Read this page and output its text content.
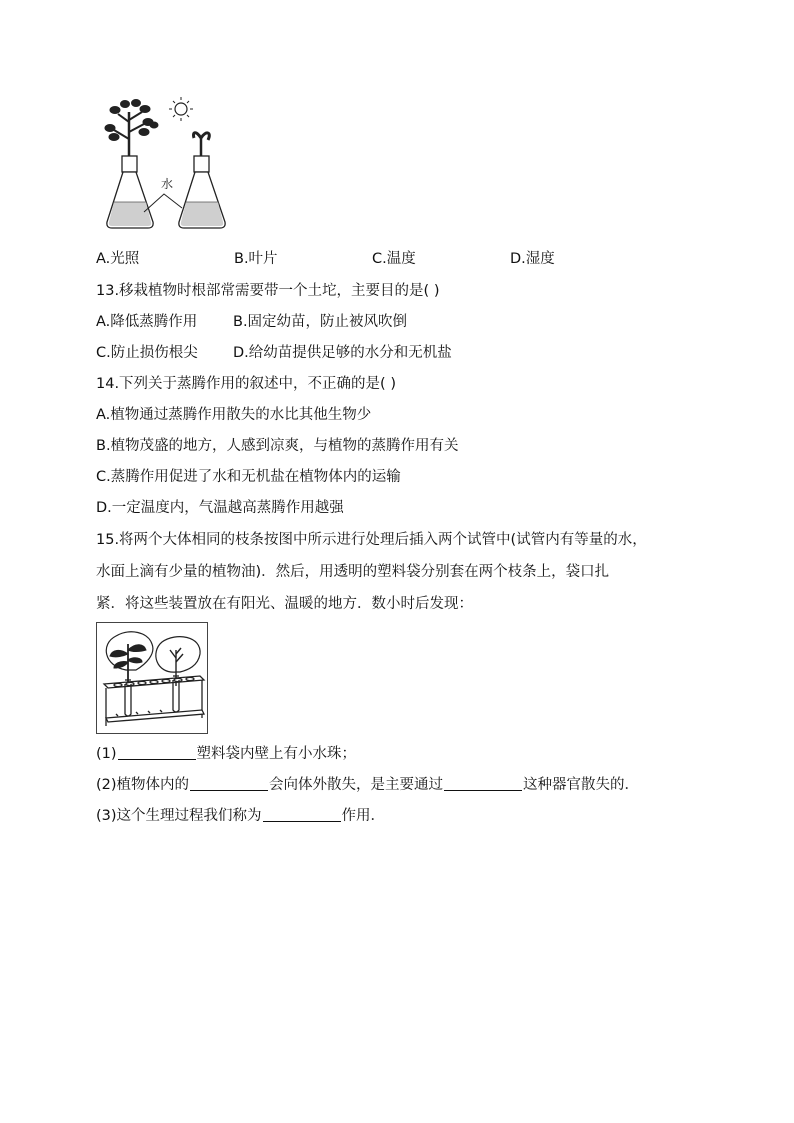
水
A.光照	B.叶片	C.温度	D.湿度
13.移栽植物时根部常需要带一个土坨，主要目的是( )
A.降低蒸腾作用 B.固定幼苗，防止被风吹倒
C.防止损伤根尖 D.给幼苗提供足够的水分和无机盐
14.下列关于蒸腾作用的叙述中，不正确的是( )
A.植物通过蒸腾作用散失的水比其他生物少
B.植物茂盛的地方，人感到凉爽，与植物的蒸腾作用有关
C.蒸腾作用促进了水和无机盐在植物体内的运输
D.一定温度内，气温越高蒸腾作用越强
15.将两个大体相同的枝条按图中所示进行处理后插入两个试管中(试管内有等量的水，
水面上滴有少量的植物油)．然后，用透明的塑料袋分别套在两个枝条上，袋口扎
紧．将这些装置放在有阳光、温暖的地方．数小时后发现：
(1)	塑料袋内壁上有小水珠；
(2)植物体内的	会向体外散失，是主要通过	这种器官散失的．
(3)这个生理过程我们称为	作用．
